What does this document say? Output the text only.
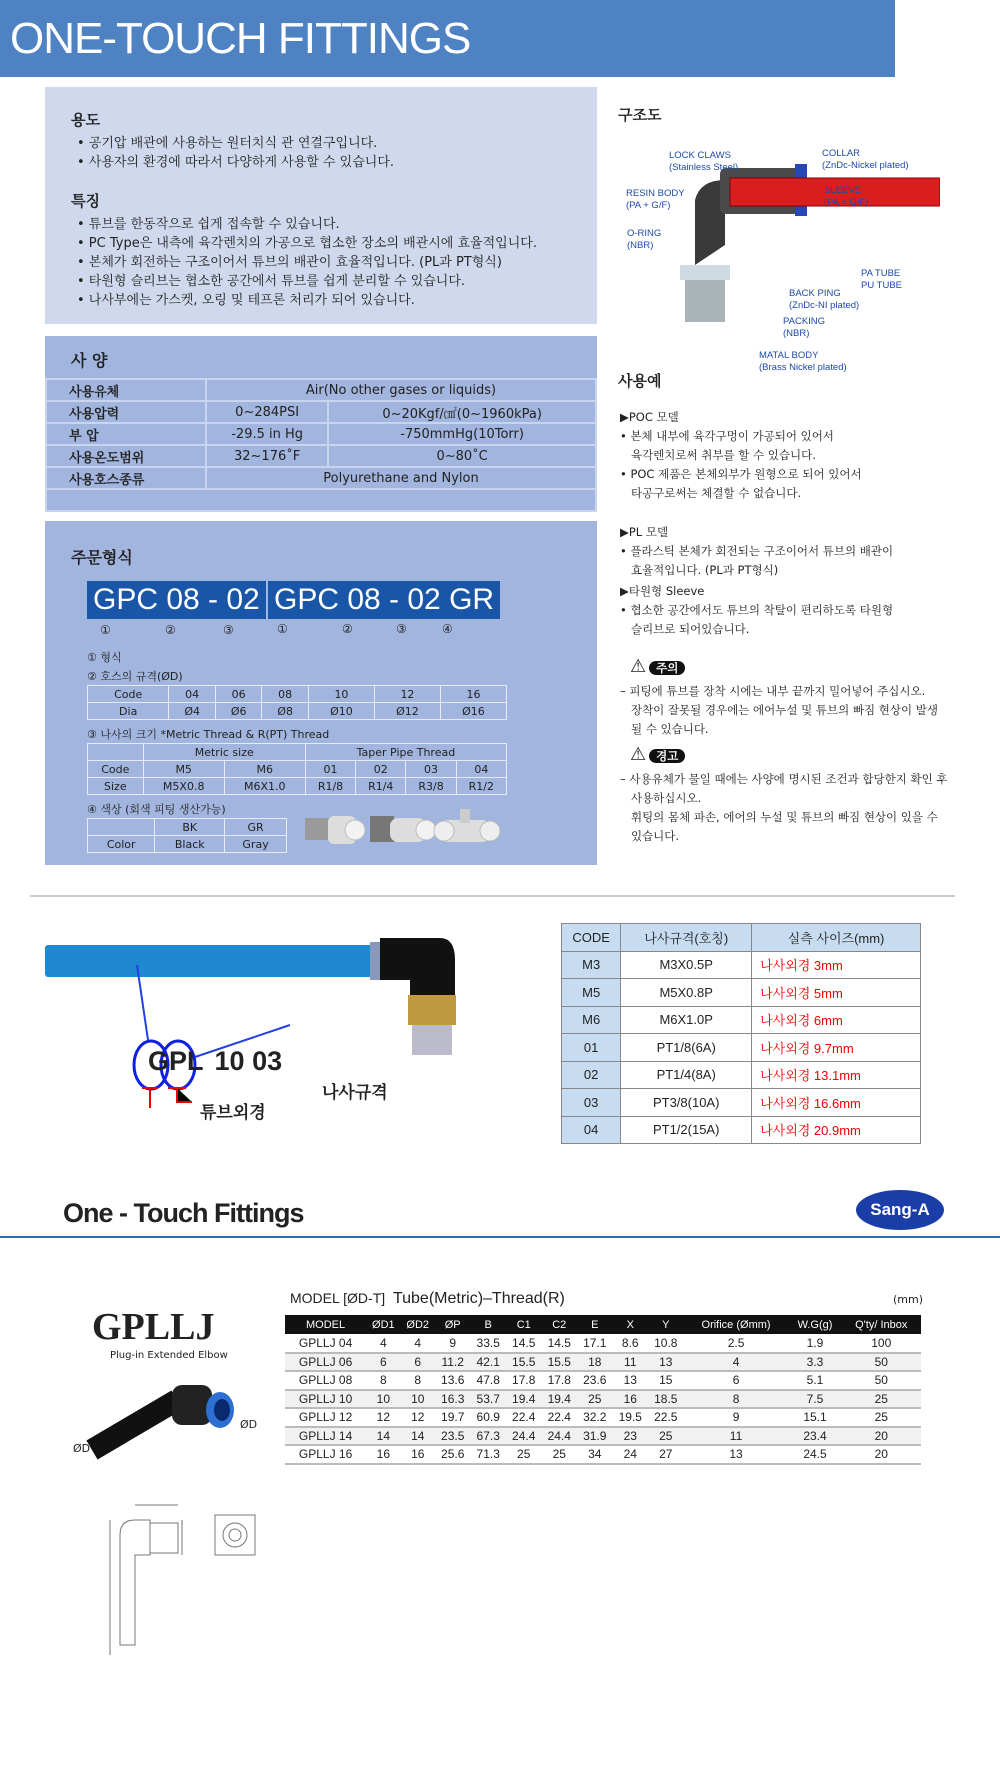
ONE-TOUCH FITTINGS
용도
• 공기압 배관에 사용하는 원터치식 관 연결구입니다.
• 사용자의 환경에 따라서 다양하게 사용할 수 있습니다.
특징
• 튜브를 한동작으로 쉽게 접속할 수 있습니다.
• PC Type은 내측에 육각렌치의 가공으로 협소한 장소의 배관시에 효율적입니다.
• 본체가 회전하는 구조이어서 튜브의 배관이 효율적입니다. (PL과 PT형식)
• 타원형 슬리브는 협소한 공간에서 튜브를 쉽게 분리할 수 있습니다.
• 나사부에는 가스켓, 오링 및 테프론 처리가 되어 있습니다.
사 양
사용유체	Air(No other gases or liquids)	
사용압력	0~284PSI	0~20Kgf/㎠(0~1960kPa)
부 압	-29.5 in Hg	-750mmHg(10Torr)
사용온도범위	32~176˚F	0~80˚C
사용호스종류	Polyurethane and Nylon	

주문형식
GPC 08 - 02 GPC 08 - 02 GR
①	②	③	①	②	③	④
① 형식
② 호스의 규격(ØD)
Code	04	06	08	10	12	16
Dia	Ø4	Ø6	Ø8	Ø10	Ø12	Ø16
③ 나사의 크기 *Metric Thread & R(PT) Thread
	Metric size		Taper Pipe Thread			
Code	M5	M6	01	02	03	04
Size	M5X0.8	M6X1.0	R1/8	R1/4	R3/8	R1/2
④ 색상 (회색 피팅 생산가능)
	BK	GR
Color	Black	Gray
구조도
LOCK CLAWS
(Stainless Steel)
COLLAR
(ZnDc-Nickel plated)
RESIN BODY
(PA + G/F)
SLEEVE
(PA + G/F)
O-RING
(NBR)
PA TUBE
PU TUBE
BACK PING
(ZnDc-NI plated)
PACKING
(NBR)
MATAL BODY
(Brass Nickel plated)
사용예
▶POC 모델
• 본체 내부에 육각구멍이 가공되어 있어서
육각렌치로써 취부를 할 수 있습니다.
• POC 제품은 본체외부가 원형으로 되어 있어서
타공구로써는 체결할 수 없습니다.
▶PL 모델
• 플라스틱 본체가 회전되는 구조이어서 튜브의 배관이
효율적입니다. (PL과 PT형식)
▶타원형 Sleeve
• 협소한 공간에서도 튜브의 착탈이 편리하도록 타원형
슬리브로 되어있습니다.
⚠ 주의
– 피팅에 튜브를 장착 시에는 내부 끝까지 밀어넣어 주십시오.
장착이 잘못될 경우에는 에어누설 및 튜브의 빠짐 현상이 발생
될 수 있습니다.
⚠ 경고
– 사용유체가 물일 때에는 사양에 명시된 조건과 합당한지 확인 후
사용하십시오.
휘팅의 몸체 파손, 에어의 누설 및 튜브의 빠짐 현상이 있을 수
있습니다.
GPL 10 03
튜브외경
나사규격
CODE	나사규격(호칭)	실측 사이즈(mm)
M3	M3X0.5P	나사외경 3mm
M5	M5X0.8P	나사외경 5mm
M6	M6X1.0P	나사외경 6mm
01	PT1/8(6A)	나사외경 9.7mm
02	PT1/4(8A)	나사외경 13.1mm
03	PT3/8(10A)	나사외경 16.6mm
04	PT1/2(15A)	나사외경 20.9mm
One - Touch Fittings	Sang-A
GPLLJ
Plug-in Extended Elbow
ØD
ØD
MODEL [ØD-T] Tube(Metric)–Thread(R)	(mm)
MODEL	ØD1	ØD2	ØP	B	C1	C2	E	X	Y	Orifice (Ømm)	W.G(g)	Q'ty/ Inbox
GPLLJ 04	4	4	9	33.5	14.5	14.5	17.1	8.6	10.8	2.5	1.9	100
GPLLJ 06	6	6	11.2	42.1	15.5	15.5	18	11	13	4	3.3	50
GPLLJ 08	8	8	13.6	47.8	17.8	17.8	23.6	13	15	6	5.1	50
GPLLJ 10	10	10	16.3	53.7	19.4	19.4	25	16	18.5	8	7.5	25
GPLLJ 12	12	12	19.7	60.9	22.4	22.4	32.2	19.5	22.5	9	15.1	25
GPLLJ 14	14	14	23.5	67.3	24.4	24.4	31.9	23	25	11	23.4	20
GPLLJ 16	16	16	25.6	71.3	25	25	34	24	27	13	24.5	20
